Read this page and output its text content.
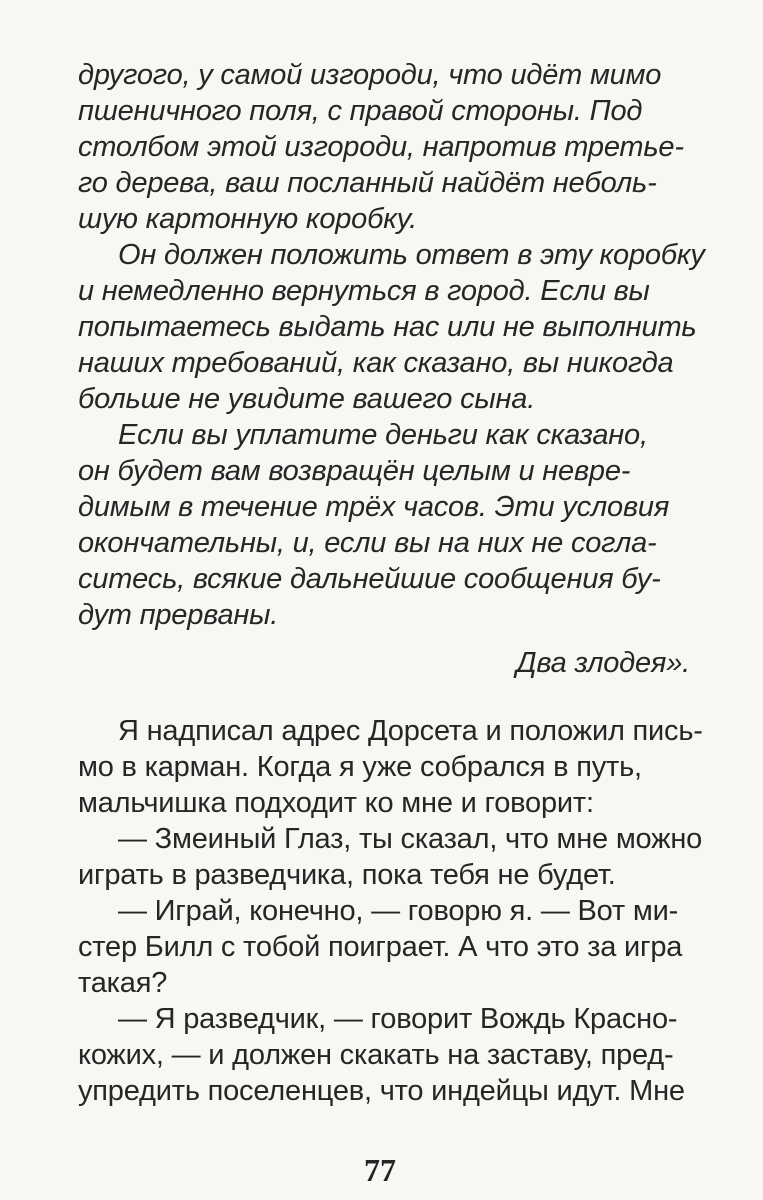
другого, у самой изгороди, что идёт мимо
пшеничного поля, с правой стороны. Под
столбом этой изгороди, напротив третье-
го дерева, ваш посланный найдёт неболь-
шую картонную коробку.
Он должен положить ответ в эту коробку
и немедленно вернуться в город. Если вы
попытаетесь выдать нас или не выполнить
наших требований, как сказано, вы никогда
больше не увидите вашего сына.
Если вы уплатите деньги как сказано,
он будет вам возвращён целым и невре-
димым в течение трёх часов. Эти условия
окончательны, и, если вы на них не согла-
ситесь, всякие дальнейшие сообщения бу-
дут прерваны.
Два злодея».
Я надписал адрес Дорсета и положил пись-
мо в карман. Когда я уже собрался в путь,
мальчишка подходит ко мне и говорит:
— Змеиный Глаз, ты сказал, что мне можно
играть в разведчика, пока тебя не будет.
— Играй, конечно, — говорю я. — Вот ми-
стер Билл с тобой поиграет. А что это за игра
такая?
— Я разведчик, — говорит Вождь Красно-
кожих, — и должен скакать на заставу, пред-
упредить поселенцев, что индейцы идут. Мне
77
